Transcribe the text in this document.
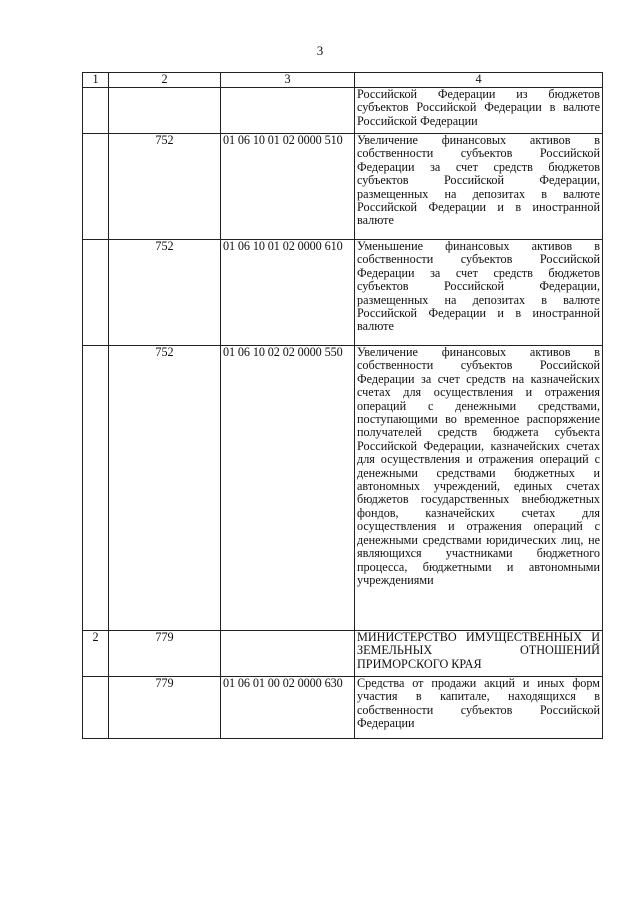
3
1	2	3	4
			Российской Федерации из бюджетов субъектов Российской Федерации в валюте Российской Федерации
	752	01 06 10 01 02 0000 510	Увеличение финансовых активов в собственности субъектов Российской Федерации за счет средств бюджетов субъектов Российской Федерации, размещенных на депозитах в валюте Российской Федерации и в иностранной валюте
	752	01 06 10 01 02 0000 610	Уменьшение финансовых активов в собственности субъектов Российской Федерации за счет средств бюджетов субъектов Российской Федерации, размещенных на депозитах в валюте Российской Федерации и в иностранной валюте
	752	01 06 10 02 02 0000 550	Увеличение финансовых активов в собственности субъектов Российской Федерации за счет средств на казначейских счетах для осуществления и отражения операций с денежными средствами, поступающими во временное распоряжение получателей средств бюджета субъекта Российской Федерации, казначейских счетах для осуществления и отражения операций с денежными средствами бюджетных и автономных учреждений, единых счетах бюджетов государственных внебюджетных фондов, казначейских счетах для осуществления и отражения операций с денежными средствами юридических лиц, не являющихся участниками бюджетного процесса, бюджетными и автономными учреждениями
2	779		МИНИСТЕРСТВО ИМУЩЕСТВЕННЫХ И ЗЕМЕЛЬНЫХ ОТНОШЕНИЙ ПРИМОРСКОГО КРАЯ
	779	01 06 01 00 02 0000 630	Средства от продажи акций и иных форм участия в капитале, находящихся в собственности субъектов Российской Федерации
